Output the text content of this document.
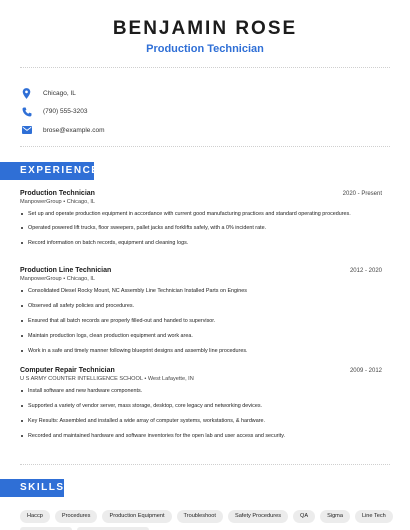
BENJAMIN ROSE
Production Technician
Chicago, IL
(790) 555-3203
brose@example.com
EXPERIENCE
Production Technician	2020 - Present
ManpowerGroup • Chicago, IL
Set up and operate production equipment in accordance with current good manufacturing practices and standard operating procedures.
Operated powered lift trucks, floor sweepers, pallet jacks and forklifts safely, with a 0% incident rate.
Record information on batch records, equipment and cleaning logs.
Production Line Technician	2012 - 2020
ManpowerGroup • Chicago, IL
Consolidated Diesel Rocky Mount, NC Assembly Line Technician Installed Parts on Engines
Observed all safety policies and procedures.
Ensured that all batch records are properly filled-out and handed to supervisor.
Maintain production logs, clean production equipment and work area.
Work in a safe and timely manner following blueprint designs and assembly line procedures.
Computer Repair Technician	2009 - 2012
U S ARMY COUNTER INTELLIGENCE SCHOOL • West Lafayette, IN
Install software and new hardware components.
Supported a variety of vendor server, mass storage, desktop, core legacy and networking devices.
Key Results: Assembled and installed a wide array of computer systems, workstations, & hardware.
Recorded and maintained hardware and software inventories for the open lab and user access and security.
SKILLS
Haccp	Procedures	Production Equipment	Troubleshoot	Safety Procedures	QA	Sigma	Line Tech
